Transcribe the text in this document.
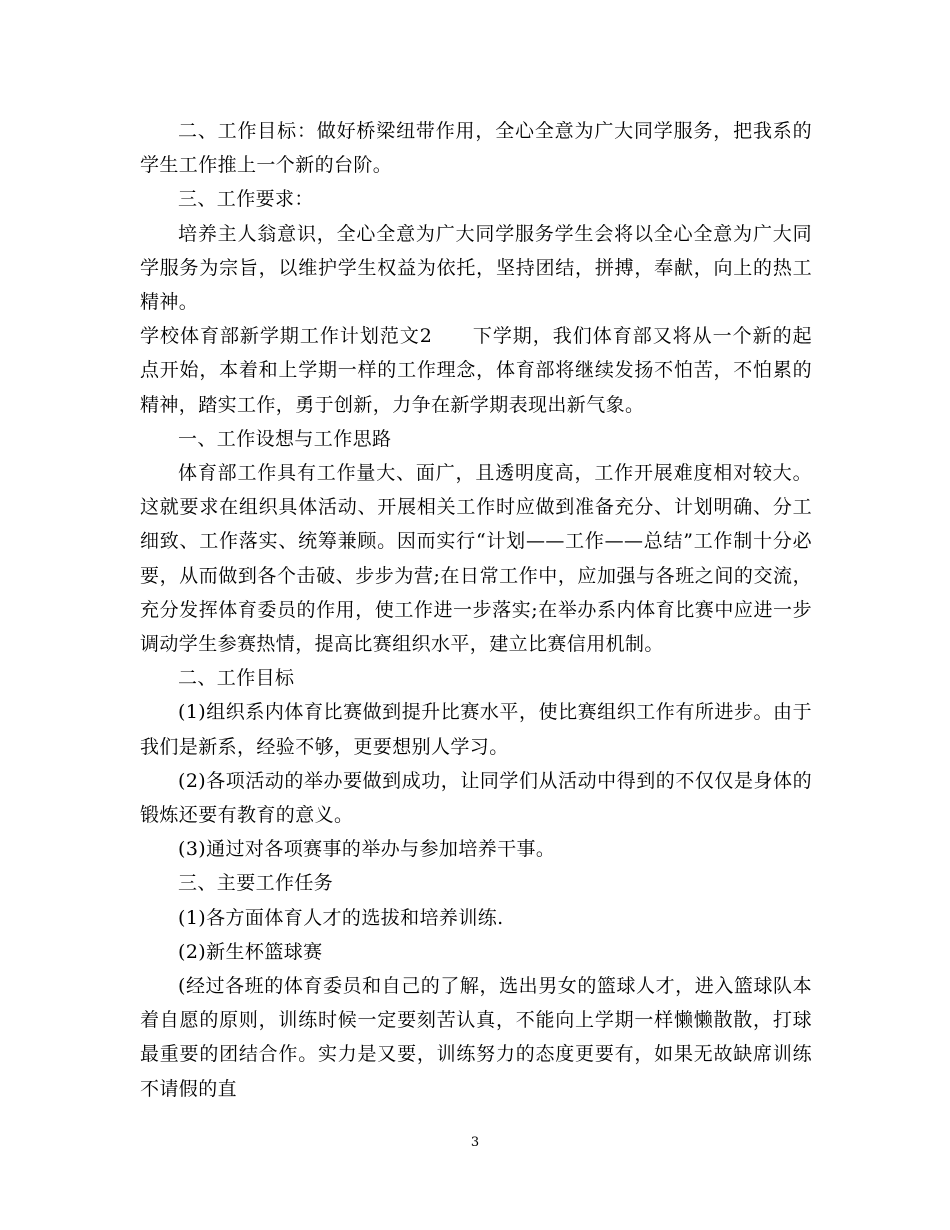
二、工作目标：做好桥梁纽带作用，全心全意为广大同学服务，把我系的学生工作推上一个新的台阶。

三、工作要求：

培养主人翁意识，全心全意为广大同学服务学生会将以全心全意为广大同学服务为宗旨，以维护学生权益为依托，坚持团结，拼搏，奉献，向上的热工精神。

学校体育部新学期工作计划范文2　　下学期，我们体育部又将从一个新的起点开始，本着和上学期一样的工作理念，体育部将继续发扬不怕苦，不怕累的精神，踏实工作，勇于创新，力争在新学期表现出新气象。

一、工作设想与工作思路

体育部工作具有工作量大、面广，且透明度高，工作开展难度相对较大。这就要求在组织具体活动、开展相关工作时应做到准备充分、计划明确、分工细致、工作落实、统筹兼顾。因而实行“计划——工作——总结”工作制十分必要，从而做到各个击破、步步为营;在日常工作中，应加强与各班之间的交流，充分发挥体育委员的作用，使工作进一步落实;在举办系内体育比赛中应进一步调动学生参赛热情，提高比赛组织水平，建立比赛信用机制。

二、工作目标

(1)组织系内体育比赛做到提升比赛水平，使比赛组织工作有所进步。由于我们是新系，经验不够，更要想别人学习。

(2)各项活动的举办要做到成功，让同学们从活动中得到的不仅仅是身体的锻炼还要有教育的意义。

(3)通过对各项赛事的举办与参加培养干事。

三、主要工作任务

(1)各方面体育人才的选拔和培养训练.

(2)新生杯篮球赛

(经过各班的体育委员和自己的了解，选出男女的篮球人才，进入篮球队本着自愿的原则，训练时候一定要刻苦认真，不能向上学期一样懒懒散散，打球最重要的团结合作。实力是又要，训练努力的态度更要有，如果无故缺席训练不请假的直

3
